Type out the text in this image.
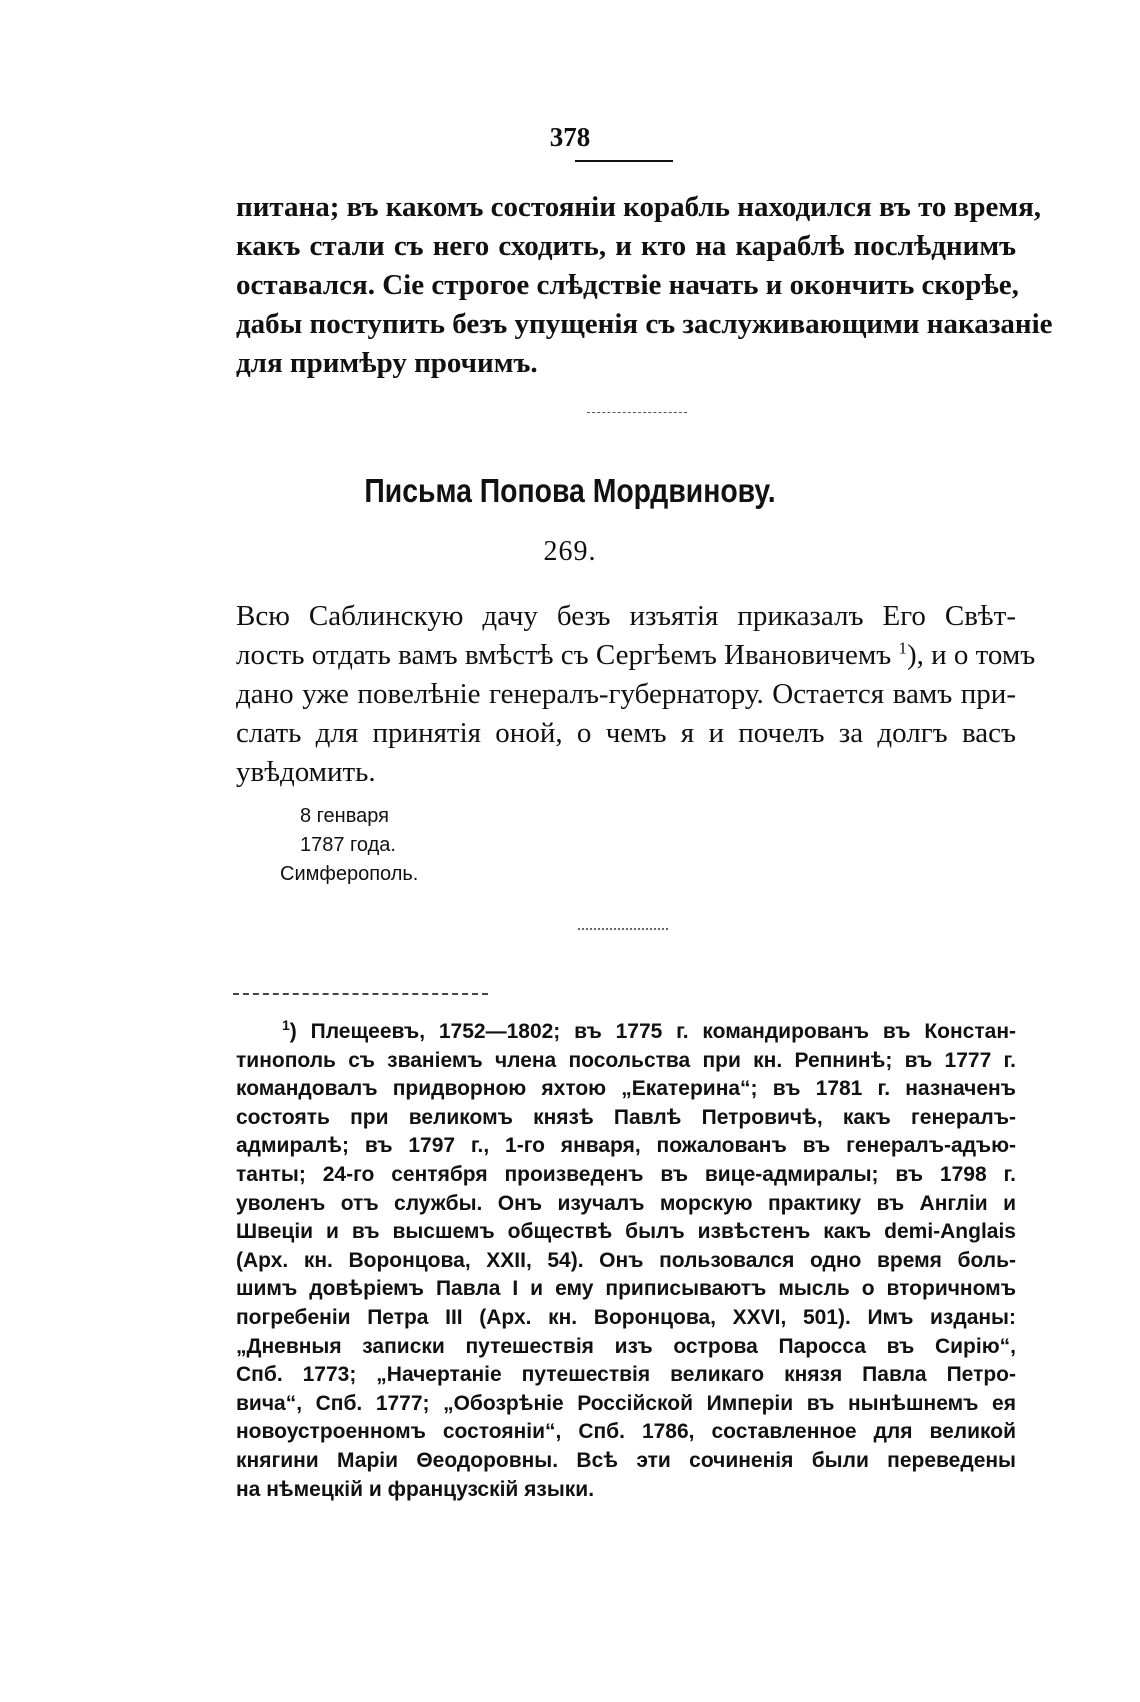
378
питана; въ какомъ состояніи корабль находился въ то время,
какъ стали съ него сходить, и кто на караблѣ послѣднимъ
оставался. Сіе строгое слѣдствіе начать и окончить скорѣе,
дабы поступить безъ упущенія съ заслуживающими наказаніе
для примѣру прочимъ.
Письма Попова Мордвинову.
269.
Всю Саблинскую дачу безъ изъятія приказалъ Его Свѣт-
лость отдать вамъ вмѣстѣ съ Сергѣемъ Ивановичемъ $^1$), и о томъ
дано уже повелѣніе генералъ-губернатору. Остается вамъ при-
слать для принятія оной, о чемъ я и почелъ за долгъ васъ
увѣдомить.
8 генваря
1787 года.
Симферополь.
$^1$) Плещеевъ, 1752—1802; въ 1775 г. командированъ въ Констан-
тинополь съ званіемъ члена посольства при кн. Репнинѣ; въ 1777 г.
командовалъ придворною яхтою „Екатерина“; въ 1781 г. назначенъ
состоять при великомъ князѣ Павлѣ Петровичѣ, какъ генералъ-
адмиралѣ; въ 1797 г., 1-го января, пожалованъ въ генералъ-адъю-
танты; 24-го сентября произведенъ въ вице-адмиралы; въ 1798 г.
уволенъ отъ службы. Онъ изучалъ морскую практику въ Англіи и
Швеціи и въ высшемъ обществѣ былъ извѣстенъ какъ demi-Anglais
(Арх. кн. Воронцова, XXII, 54). Онъ пользовался одно время боль-
шимъ довѣріемъ Павла I и ему приписываютъ мысль о вторичномъ
погребеніи Петра III (Арх. кн. Воронцова, XXVI, 501). Имъ изданы:
„Дневныя записки путешествія изъ острова Паросса въ Сирію“,
Спб. 1773; „Начертаніе путешествія великаго князя Павла Петро-
вича“, Спб. 1777; „Обозрѣніе Россійской Имперіи въ нынѣшнемъ ея
новоустроенномъ состояніи“, Спб. 1786, составленное для великой
княгини Маріи Θеодоровны. Всѣ эти сочиненія были переведены
на нѣмецкій и французскій языки.
